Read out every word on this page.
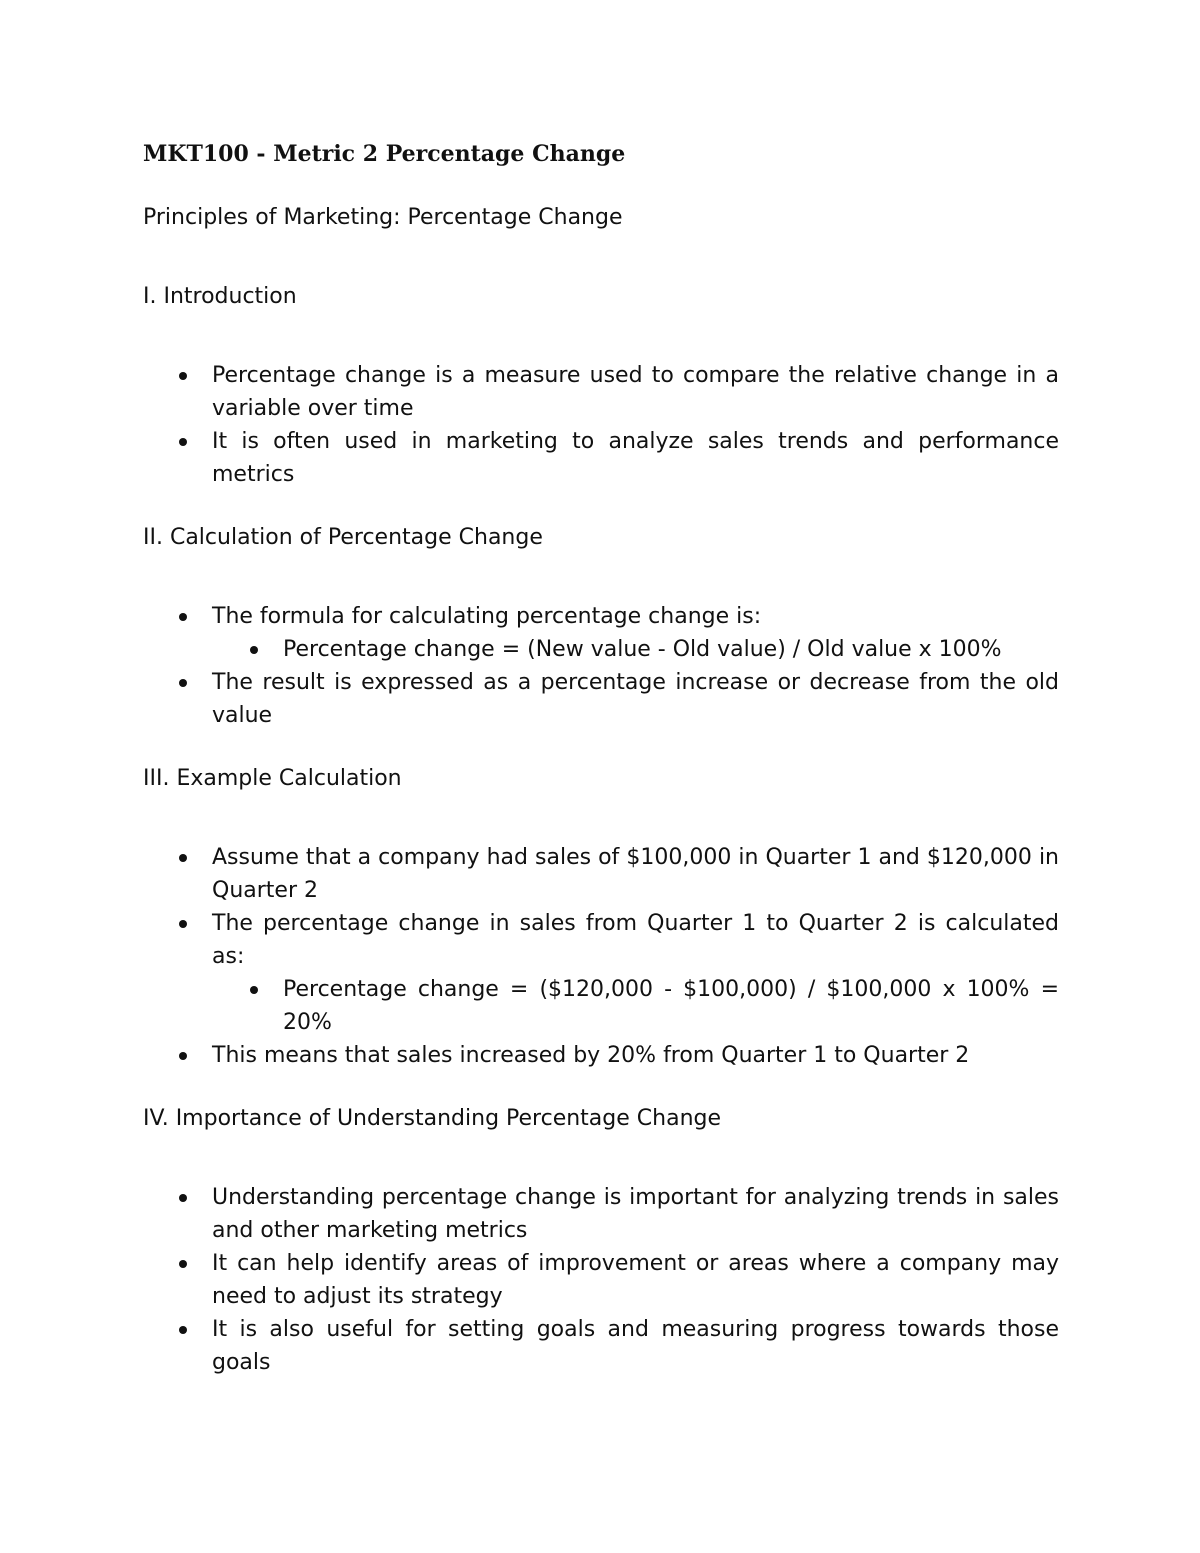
MKT100 - Metric 2 Percentage Change
Principles of Marketing: Percentage Change
I. Introduction
Percentage change is a measure used to compare the relative change in a variable over time
It is often used in marketing to analyze sales trends and performance metrics
II. Calculation of Percentage Change
The formula for calculating percentage change is:
Percentage change = (New value - Old value) / Old value x 100%
The result is expressed as a percentage increase or decrease from the old value
III. Example Calculation
Assume that a company had sales of $100,000 in Quarter 1 and $120,000 in Quarter 2
The percentage change in sales from Quarter 1 to Quarter 2 is calculated as:
Percentage change = ($120,000 - $100,000) / $100,000 x 100% = 20%
This means that sales increased by 20% from Quarter 1 to Quarter 2
IV. Importance of Understanding Percentage Change
Understanding percentage change is important for analyzing trends in sales and other marketing metrics
It can help identify areas of improvement or areas where a company may need to adjust its strategy
It is also useful for setting goals and measuring progress towards those goals
